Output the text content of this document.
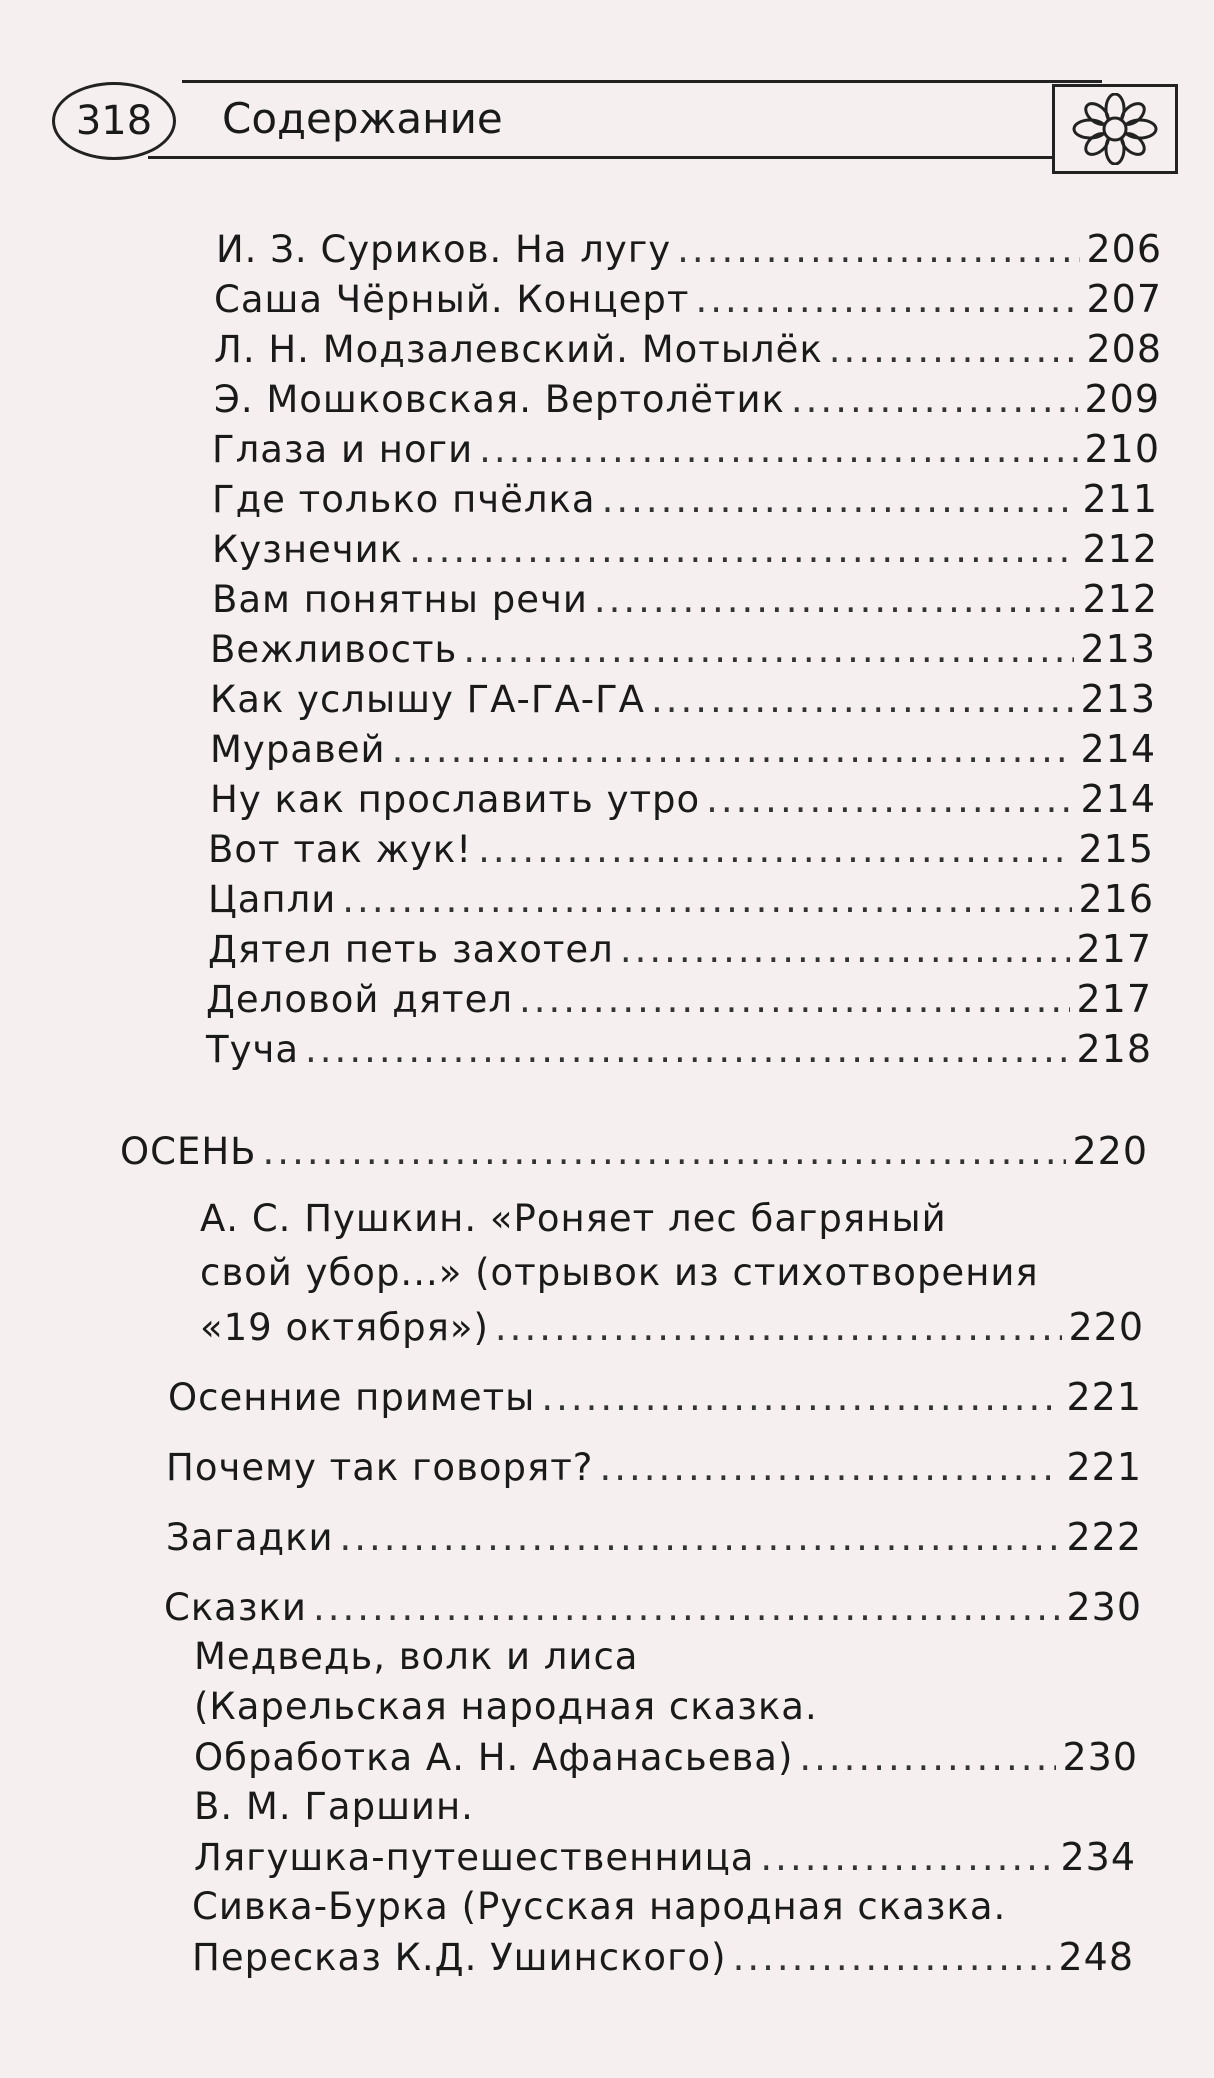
318	Содержание
И. З. Суриков. На лугу .....	206
Саша Чёрный. Концерт .....	207
Л. Н. Модзалевский. Мотылёк .....	208
Э. Мошковская. Вертолётик .....	209
Глаза и ноги .....	210
Где только пчёлка .....	211
Кузнечик .....	212
Вам понятны речи .....	212
Вежливость .....	213
Как услышу ГА-ГА-ГА .....	213
Муравей .....	214
Ну как прославить утро .....	214
Вот так жук! .....	215
Цапли .....	216
Дятел петь захотел .....	217
Деловой дятел .....	217
Туча .....	218
ОСЕНЬ .....	220
А. С. Пушкин. «Роняет лес багряный
свой убор...» (отрывок из стихотворения
«19 октября») .....	220
Осенние приметы .....	221
Почему так говорят? .....	221
Загадки .....	222
Сказки .....	230
Медведь, волк и лиса
(Карельская народная сказка.
Обработка А. Н. Афанасьева) .....	230
В. М. Гаршин.
Лягушка-путешественница .....	234
Сивка-Бурка (Русская народная сказка.
Пересказ К.Д. Ушинского) .....	248
